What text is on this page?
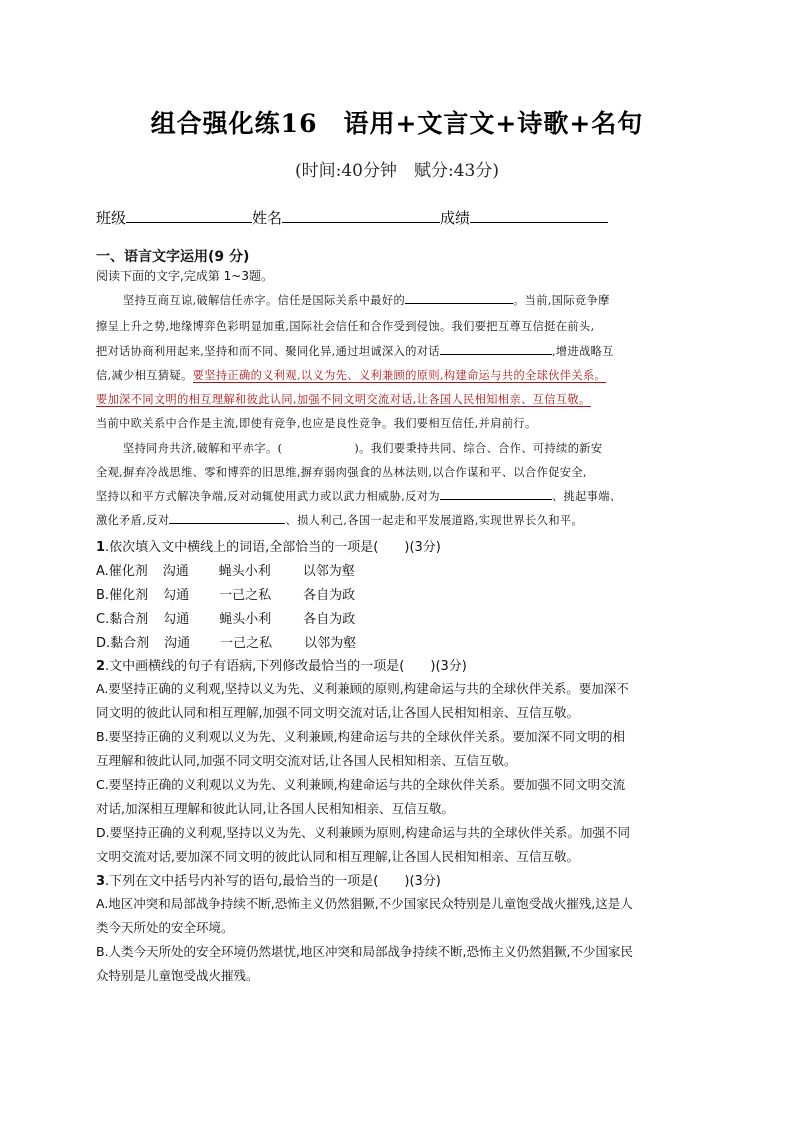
组合强化练16　语用+文言文+诗歌+名句
(时间:40分钟　赋分:43分)
班级	姓名	成绩
一、语言文字运用(9 分)
阅读下面的文字,完成第 1~3题。
坚持互商互谅,破解信任赤字。信任是国际关系中最好的	。当前,国际竞争摩
擦呈上升之势,地缘博弈色彩明显加重,国际社会信任和合作受到侵蚀。我们要把互尊互信挺在前头,
把对话协商利用起来,坚持和而不同、聚同化异,通过坦诚深入的对话	,增进战略互
信,减少相互猜疑。要坚持正确的义利观,以义为先、义利兼顾的原则,构建命运与共的全球伙伴关系。
要加深不同文明的相互理解和彼此认同,加强不同文明交流对话,让各国人民相知相亲、互信互敬。
当前中欧关系中合作是主流,即使有竞争,也应是良性竞争。我们要相互信任,并肩前行。
坚持同舟共济,破解和平赤字。(	)。我们要秉持共同、综合、合作、可持续的新安
全观,摒弃冷战思维、零和博弈的旧思维,摒弃弱肉强食的丛林法则,以合作谋和平、以合作促安全,
坚持以和平方式解决争端,反对动辄使用武力或以武力相威胁,反对为	、挑起事端、
激化矛盾,反对	、损人利己,各国一起走和平发展道路,实现世界长久和平。
1.依次填入文中横线上的词语,全部恰当的一项是(　　)(3分)
A.催化剂 沟通 蝇头小利 以邻为壑
B.催化剂 勾通 一己之私 各自为政
C.黏合剂 勾通 蝇头小利 各自为政
D.黏合剂 沟通 一己之私 以邻为壑
2.文中画横线的句子有语病,下列修改最恰当的一项是(　　)(3分)
A.要坚持正确的义利观,坚持以义为先、义利兼顾的原则,构建命运与共的全球伙伴关系。要加深不
同文明的彼此认同和相互理解,加强不同文明交流对话,让各国人民相知相亲、互信互敬。
B.要坚持正确的义利观以义为先、义利兼顾,构建命运与共的全球伙伴关系。要加深不同文明的相
互理解和彼此认同,加强不同文明交流对话,让各国人民相知相亲、互信互敬。
C.要坚持正确的义利观以义为先、义利兼顾,构建命运与共的全球伙伴关系。要加强不同文明交流
对话,加深相互理解和彼此认同,让各国人民相知相亲、互信互敬。
D.要坚持正确的义利观,坚持以义为先、义利兼顾为原则,构建命运与共的全球伙伴关系。加强不同
文明交流对话,要加深不同文明的彼此认同和相互理解,让各国人民相知相亲、互信互敬。
3.下列在文中括号内补写的语句,最恰当的一项是(　　)(3分)
A.地区冲突和局部战争持续不断,恐怖主义仍然猖獗,不少国家民众特别是儿童饱受战火摧残,这是人
类今天所处的安全环境。
B.人类今天所处的安全环境仍然堪忧,地区冲突和局部战争持续不断,恐怖主义仍然猖獗,不少国家民
众特别是儿童饱受战火摧残。
